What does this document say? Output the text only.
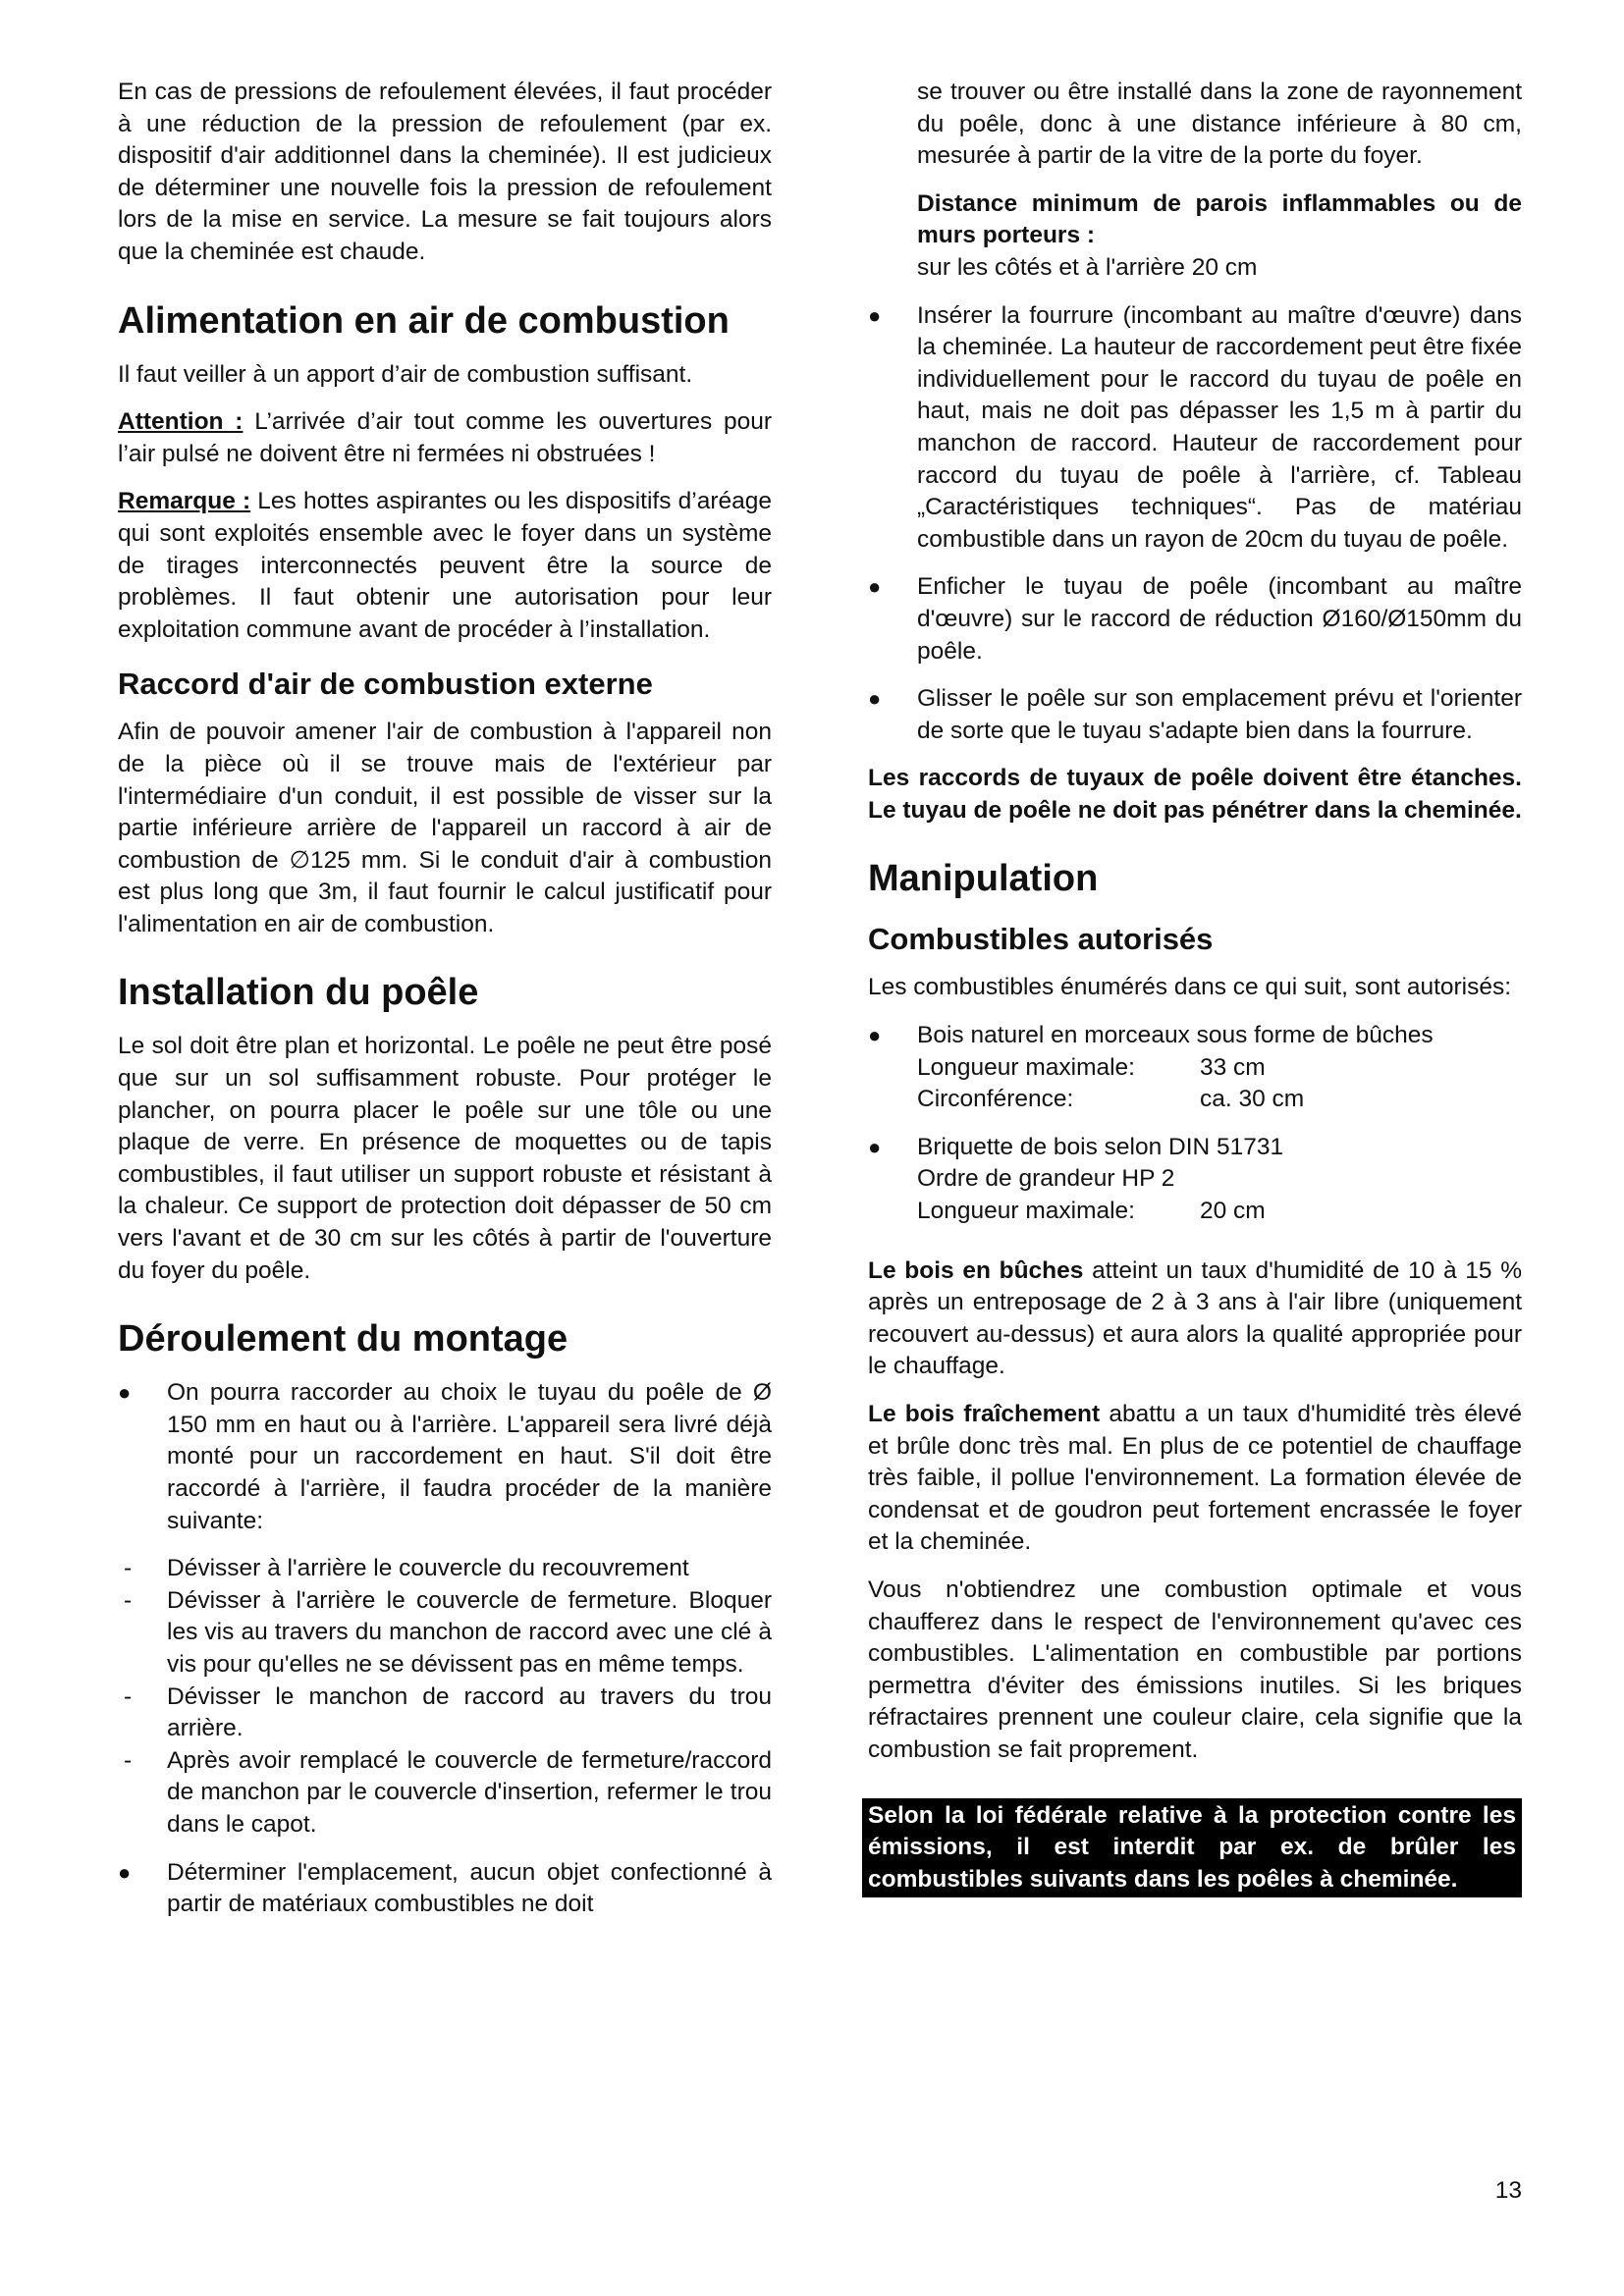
En cas de pressions de refoulement élevées, il faut procéder à une réduction de la pression de refoulement (par ex. dispositif d'air additionnel dans la cheminée). Il est judicieux de déterminer une nouvelle fois la pression de refoulement lors de la mise en service. La mesure se fait toujours alors que la cheminée est chaude.

Alimentation en air de combustion

Il faut veiller à un apport d’air de combustion suffisant.

Attention : L’arrivée d’air tout comme les ouvertures pour l’air pulsé ne doivent être ni fermées ni obstruées !

Remarque : Les hottes aspirantes ou les dispositifs d’aréage qui sont exploités ensemble avec le foyer dans un système de tirages interconnectés peuvent être la source de problèmes. Il faut obtenir une autorisation pour leur exploitation commune avant de procéder à l’installation.

Raccord d'air de combustion externe

Afin de pouvoir amener l'air de combustion à l'appareil non de la pièce où il se trouve mais de l'extérieur par l'intermédiaire d'un conduit, il est possible de visser sur la partie inférieure arrière de l'appareil un raccord à air de combustion de ∅125 mm. Si le conduit d'air à combustion est plus long que 3m, il faut fournir le calcul justificatif pour l'alimentation en air de combustion.

Installation du poêle

Le sol doit être plan et horizontal. Le poêle ne peut être posé que sur un sol suffisamment robuste. Pour protéger le plancher, on pourra placer le poêle sur une tôle ou une plaque de verre. En présence de moquettes ou de tapis combustibles, il faut utiliser un support robuste et résistant à la chaleur. Ce support de protection doit dépasser de 50 cm vers l'avant et de 30 cm sur les côtés à partir de l'ouverture du foyer du poêle.

Déroulement du montage
● On pourra raccorder au choix le tuyau du poêle de Ø 150 mm en haut ou à l'arrière. L'appareil sera livré déjà monté pour un raccordement en haut. S'il doit être raccordé à l'arrière, il faudra procéder de la manière suivante:
- Dévisser à l'arrière le couvercle du recouvrement
- Dévisser à l'arrière le couvercle de fermeture. Bloquer les vis au travers du manchon de raccord avec une clé à vis pour qu'elles ne se dévissent pas en même temps.
- Dévisser le manchon de raccord au travers du trou arrière.
- Après avoir remplacé le couvercle de fermeture/raccord de manchon par le couvercle d'insertion, refermer le trou dans le capot.
● Déterminer l'emplacement, aucun objet confectionné à partir de matériaux combustibles ne doit

se trouver ou être installé dans la zone de rayonnement du poêle, donc à une distance inférieure à 80 cm, mesurée à partir de la vitre de la porte du foyer.

Distance minimum de parois inflammables ou de murs porteurs :
sur les côtés et à l'arrière 20 cm

● Insérer la fourrure (incombant au maître d'œuvre) dans la cheminée. La hauteur de raccordement peut être fixée individuellement pour le raccord du tuyau de poêle en haut, mais ne doit pas dépasser les 1,5 m à partir du manchon de raccord. Hauteur de raccordement pour raccord du tuyau de poêle à l'arrière, cf. Tableau „Caractéristiques techniques“. Pas de matériau combustible dans un rayon de 20cm du tuyau de poêle.
● Enficher le tuyau de poêle (incombant au maître d'œuvre) sur le raccord de réduction Ø160/Ø150mm du poêle.
● Glisser le poêle sur son emplacement prévu et l'orienter de sorte que le tuyau s'adapte bien dans la fourrure.

Les raccords de tuyaux de poêle doivent être étanches. Le tuyau de poêle ne doit pas pénétrer dans la cheminée.

Manipulation
Combustibles autorisés

Les combustibles énumérés dans ce qui suit, sont autorisés:

● Bois naturel en morceaux sous forme de bûches
Longueur maximale:	33 cm
Circonférence:	ca. 30 cm
● Briquette de bois selon DIN 51731
Ordre de grandeur HP 2
Longueur maximale:	20 cm

Le bois en bûches atteint un taux d'humidité de 10 à 15 % après un entreposage de 2 à 3 ans à l'air libre (uniquement recouvert au-dessus) et aura alors la qualité appropriée pour le chauffage.

Le bois fraîchement abattu a un taux d'humidité très élevé et brûle donc très mal. En plus de ce potentiel de chauffage très faible, il pollue l'environnement. La formation élevée de condensat et de goudron peut fortement encrassée le foyer et la cheminée.

Vous n'obtiendrez une combustion optimale et vous chaufferez dans le respect de l'environnement qu'avec ces combustibles. L'alimentation en combustible par portions permettra d'éviter des émissions inutiles. Si les briques réfractaires prennent une couleur claire, cela signifie que la combustion se fait proprement.

Selon la loi fédérale relative à la protection contre les émissions, il est interdit par ex. de brûler les combustibles suivants dans les poêles à cheminée.

13
